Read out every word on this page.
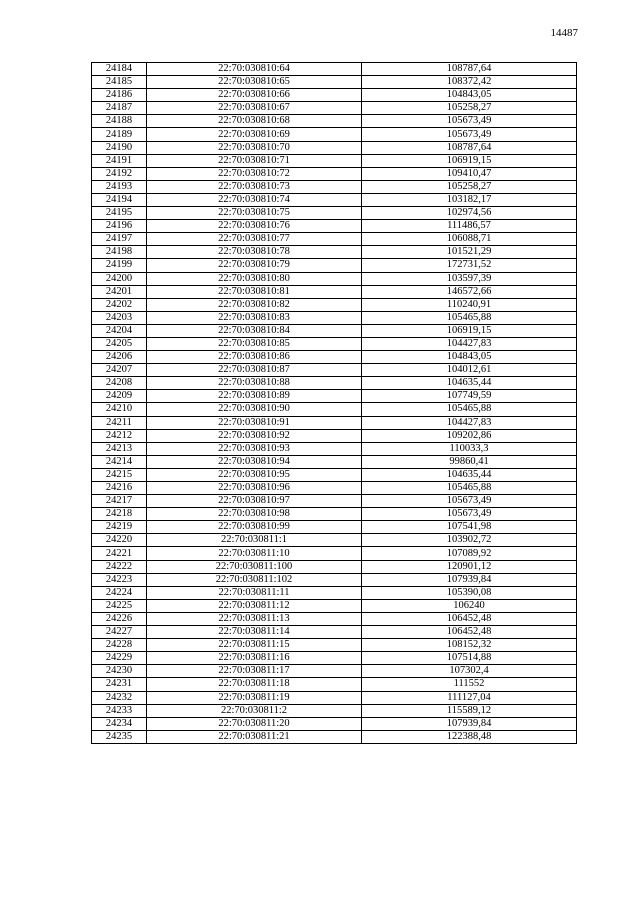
14487
24184	22:70:030810:64	108787,64
24185	22:70:030810:65	108372,42
24186	22:70:030810:66	104843,05
24187	22:70:030810:67	105258,27
24188	22:70:030810:68	105673,49
24189	22:70:030810:69	105673,49
24190	22:70:030810:70	108787,64
24191	22:70:030810:71	106919,15
24192	22:70:030810:72	109410,47
24193	22:70:030810:73	105258,27
24194	22:70:030810:74	103182,17
24195	22:70:030810:75	102974,56
24196	22:70:030810:76	111486,57
24197	22:70:030810:77	106088,71
24198	22:70:030810:78	101521,29
24199	22:70:030810:79	172731,52
24200	22:70:030810:80	103597,39
24201	22:70:030810:81	146572,66
24202	22:70:030810:82	110240,91
24203	22:70:030810:83	105465,88
24204	22:70:030810:84	106919,15
24205	22:70:030810:85	104427,83
24206	22:70:030810:86	104843,05
24207	22:70:030810:87	104012,61
24208	22:70:030810:88	104635,44
24209	22:70:030810:89	107749,59
24210	22:70:030810:90	105465,88
24211	22:70:030810:91	104427,83
24212	22:70:030810:92	109202,86
24213	22:70:030810:93	110033,3
24214	22:70:030810:94	99860,41
24215	22:70:030810:95	104635,44
24216	22:70:030810:96	105465,88
24217	22:70:030810:97	105673,49
24218	22:70:030810:98	105673,49
24219	22:70:030810:99	107541,98
24220	22:70:030811:1	103902,72
24221	22:70:030811:10	107089,92
24222	22:70:030811:100	120901,12
24223	22:70:030811:102	107939,84
24224	22:70:030811:11	105390,08
24225	22:70:030811:12	106240
24226	22:70:030811:13	106452,48
24227	22:70:030811:14	106452,48
24228	22:70:030811:15	108152,32
24229	22:70:030811:16	107514,88
24230	22:70:030811:17	107302,4
24231	22:70:030811:18	111552
24232	22:70:030811:19	111127,04
24233	22:70:030811:2	115589,12
24234	22:70:030811:20	107939,84
24235	22:70:030811:21	122388,48
